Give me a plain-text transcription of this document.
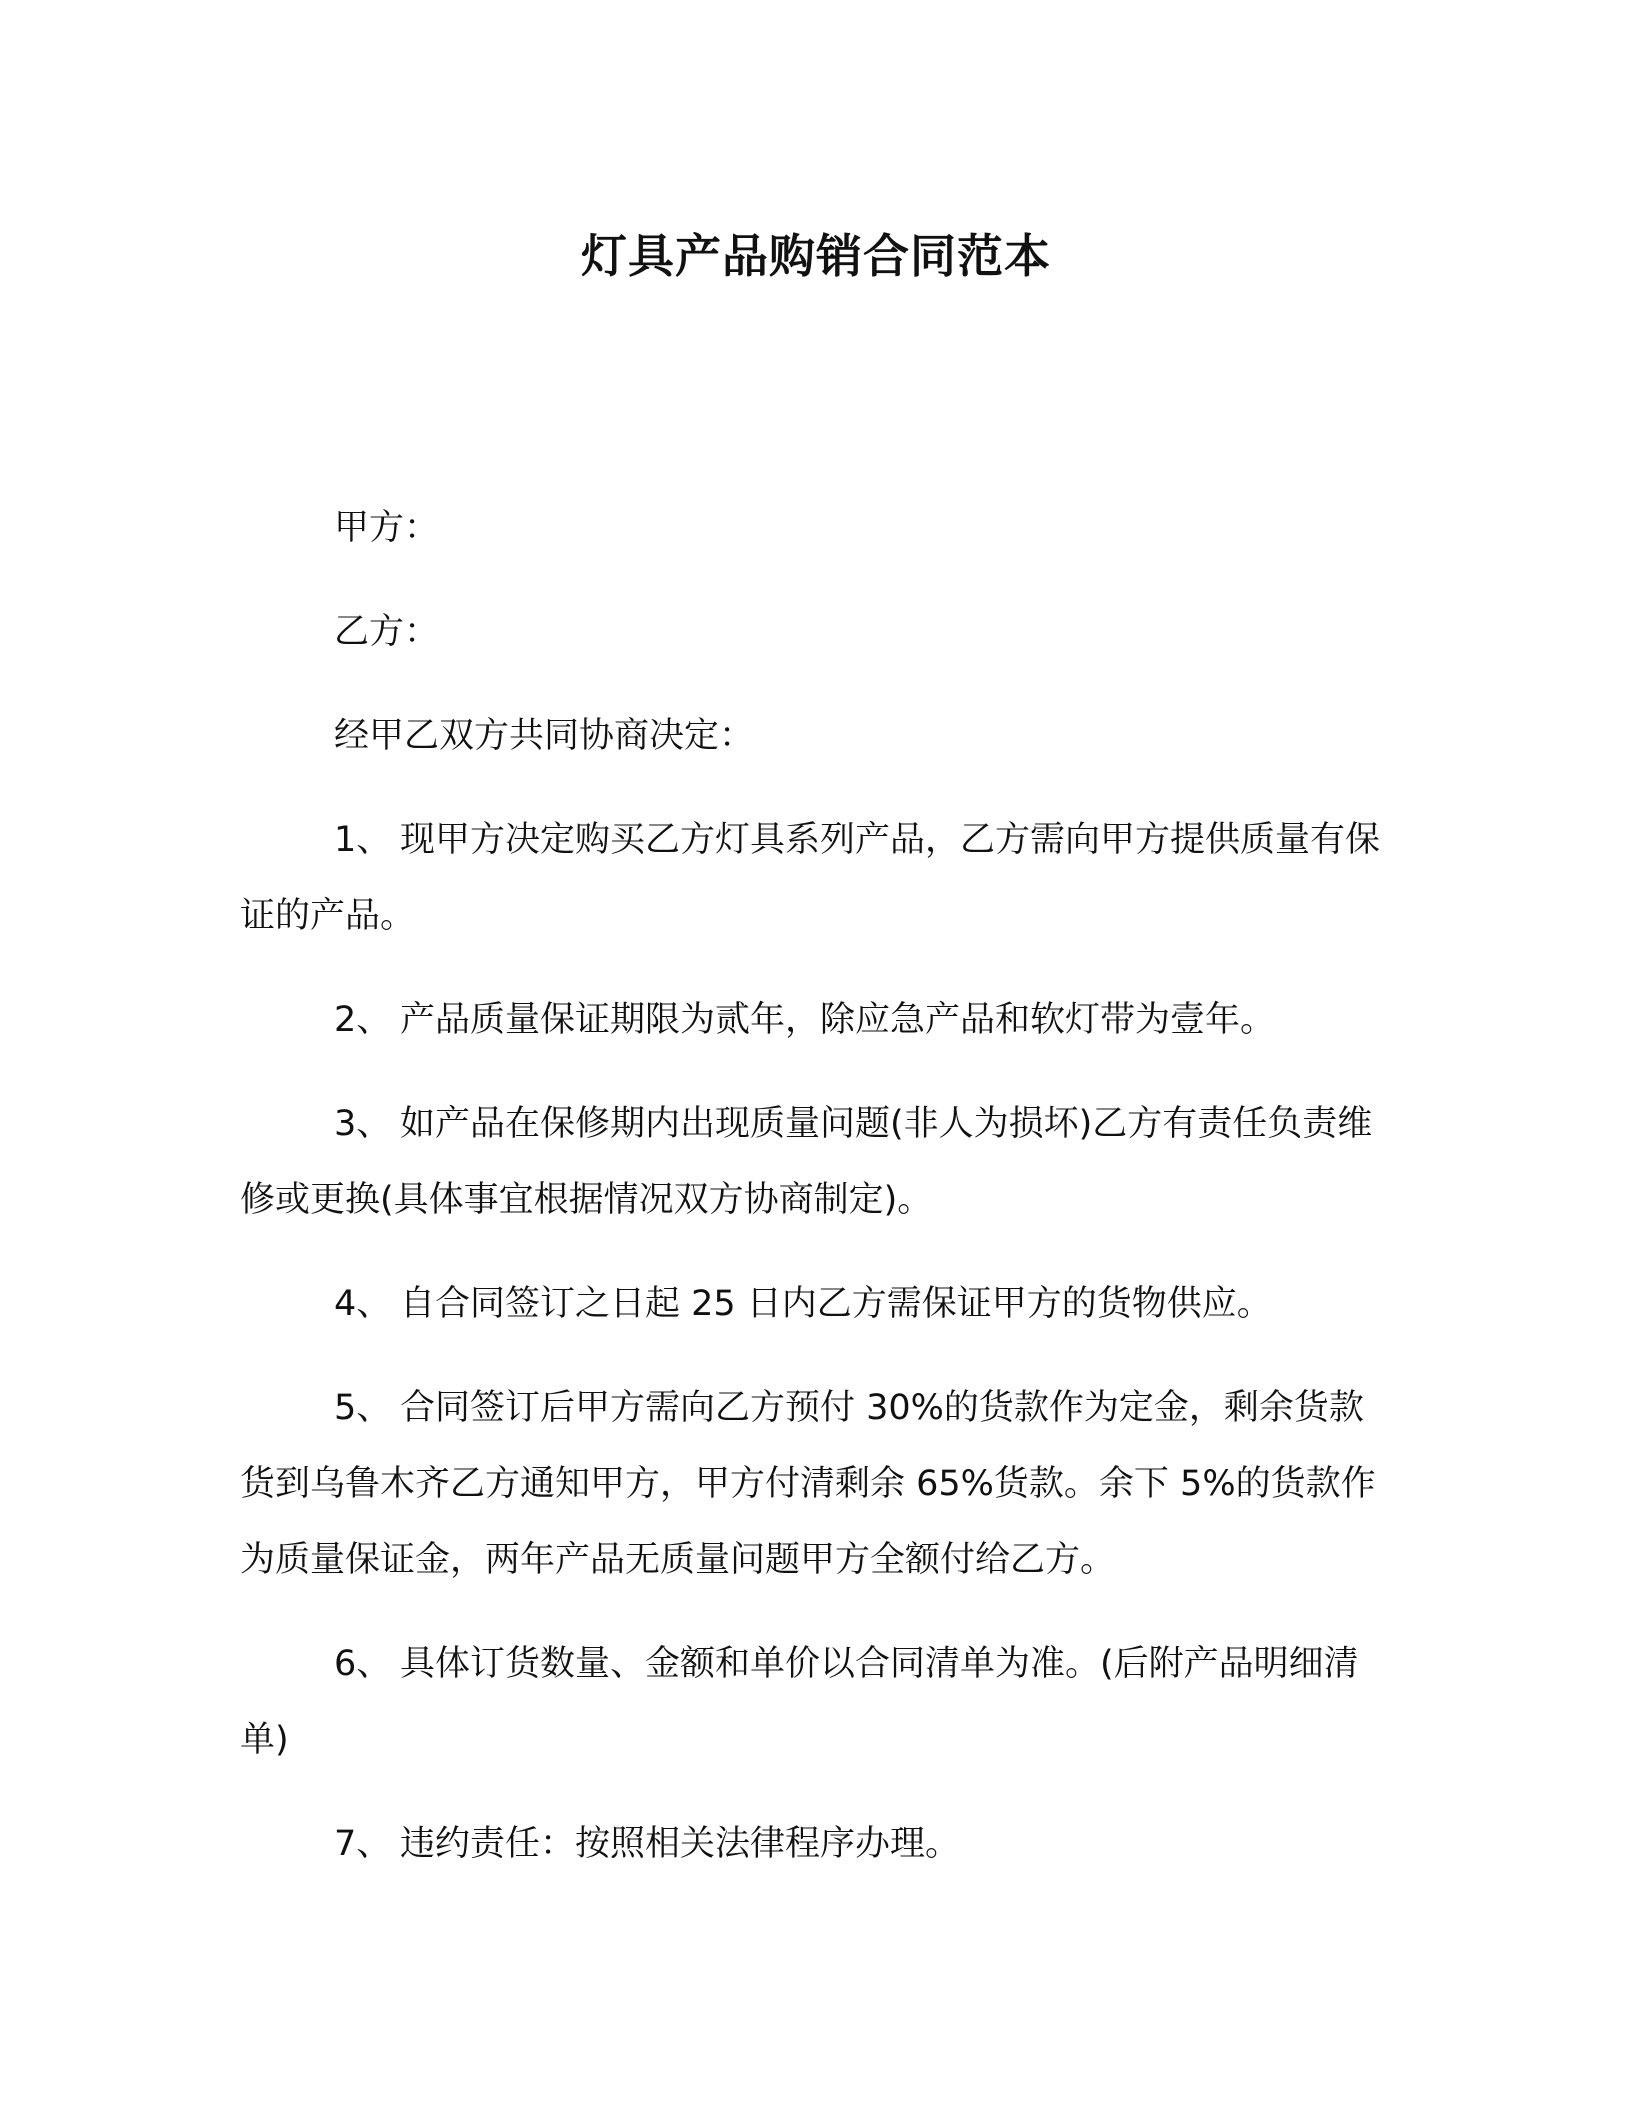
灯具产品购销合同范本

甲方：

乙方：

经甲乙双方共同协商决定：

1、 现甲方决定购买乙方灯具系列产品，乙方需向甲方提供质量有保证的产品。

2、 产品质量保证期限为贰年，除应急产品和软灯带为壹年。

3、 如产品在保修期内出现质量问题(非人为损坏)乙方有责任负责维修或更换(具体事宜根据情况双方协商制定)。

4、 自合同签订之日起 25 日内乙方需保证甲方的货物供应。

5、 合同签订后甲方需向乙方预付 30%的货款作为定金，剩余货款货到乌鲁木齐乙方通知甲方，甲方付清剩余 65%货款。余下 5%的货款作为质量保证金，两年产品无质量问题甲方全额付给乙方。

6、 具体订货数量、金额和单价以合同清单为准。(后附产品明细清单)

7、 违约责任：按照相关法律程序办理。
